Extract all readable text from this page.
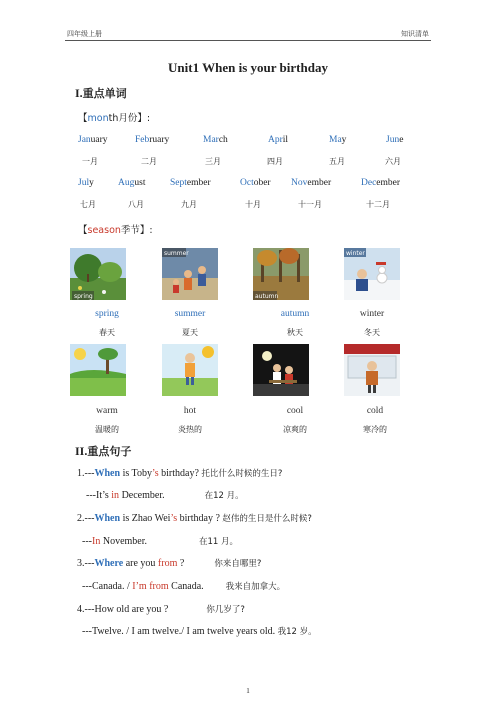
四年级上册	知识清单
Unit1 When is your birthday
I.重点单词
【month月份】:
January	February	March	April	May	June
一月	二月	三月	四月	五月	六月
July	August	September	October November	December
七月	八月	九月	十月	十一月	十二月
【season季节】:
spring
summer
autumn
winter
spring	summer	autumn	winter
春天	夏天	秋天	冬天
warm	hot	cool	cold
温暖的	炎热的	凉爽的	寒冷的
II.重点句子
1.---When is Toby’s birthday? 托比什么时候的生日?
---It’s in December.	在12 月。
2.---When is Zhao Wei’s birthday ? 赵伟的生日是什么时候?
---In November.	在11 月。
3.---Where are you from ?	你来自哪里?
---Canada. / I’m from Canada.	我来自加拿大。
4.---How old are you ?	你几岁了?
---Twelve. / I am twelve./ I am twelve years old. 我12 岁。
1
